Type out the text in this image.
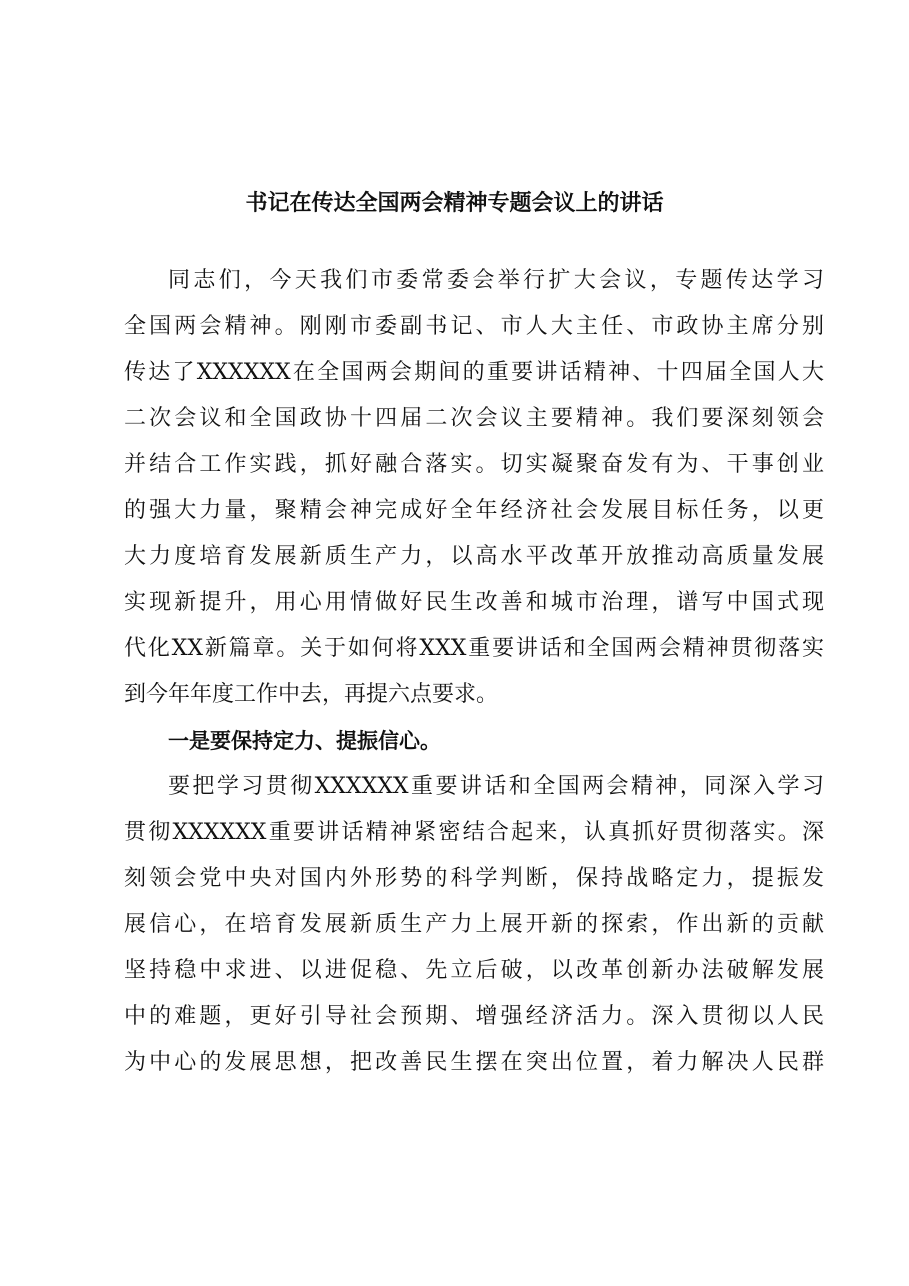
书记在传达全国两会精神专题会议上的讲话
同志们，今天我们市委常委会举行扩大会议，专题传达学习
全国两会精神。刚刚市委副书记、市人大主任、市政协主席分别
传达了XXXXXX在全国两会期间的重要讲话精神、十四届全国人大
二次会议和全国政协十四届二次会议主要精神。我们要深刻领会
并结合工作实践，抓好融合落实。切实凝聚奋发有为、干事创业
的强大力量，聚精会神完成好全年经济社会发展目标任务，以更
大力度培育发展新质生产力，以高水平改革开放推动高质量发展
实现新提升，用心用情做好民生改善和城市治理，谱写中国式现
代化XX新篇章。关于如何将XXX重要讲话和全国两会精神贯彻落实
到今年年度工作中去，再提六点要求。
一是要保持定力、提振信心。
要把学习贯彻XXXXXX重要讲话和全国两会精神，同深入学习
贯彻XXXXXX重要讲话精神紧密结合起来，认真抓好贯彻落实。深
刻领会党中央对国内外形势的科学判断，保持战略定力，提振发
展信心，在培育发展新质生产力上展开新的探索，作出新的贡献
坚持稳中求进、以进促稳、先立后破，以改革创新办法破解发展
中的难题，更好引导社会预期、增强经济活力。深入贯彻以人民
为中心的发展思想，把改善民生摆在突出位置，着力解决人民群
